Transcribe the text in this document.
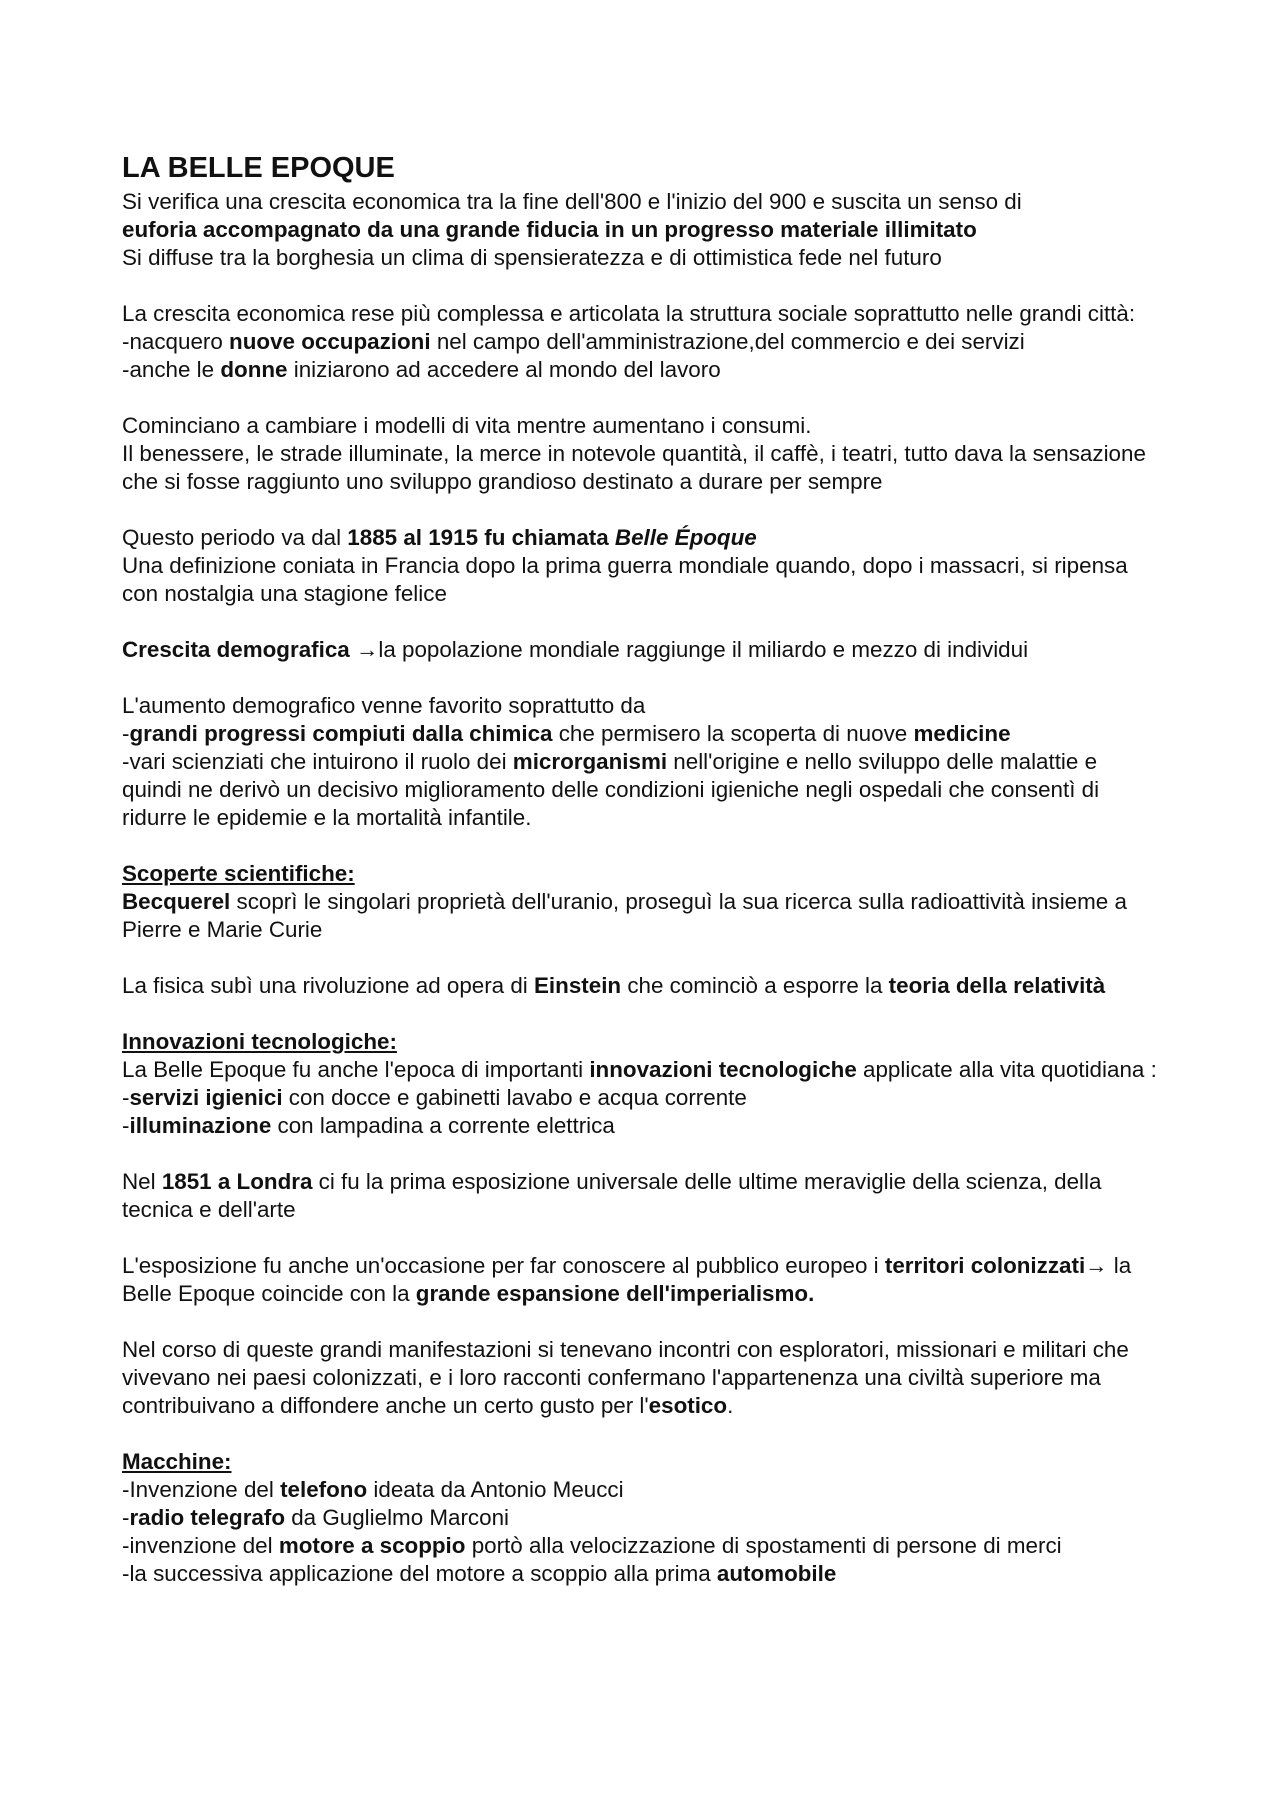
LA BELLE EPOQUE

Si verifica una crescita economica tra la fine dell'800 e l'inizio del 900 e suscita un senso di

euforia accompagnato da una grande fiducia in un progresso materiale illimitato

Si diffuse tra la borghesia un clima di spensieratezza e di ottimistica fede nel futuro

La crescita economica rese più complessa e articolata la struttura sociale soprattutto nelle grandi città:

-nacquero nuove occupazioni nel campo dell'amministrazione,del commercio e dei servizi

-anche le donne iniziarono ad accedere al mondo del lavoro

Cominciano a cambiare i modelli di vita mentre aumentano i consumi.

Il benessere, le strade illuminate, la merce in notevole quantità, il caffè, i teatri, tutto dava la sensazione che si fosse raggiunto uno sviluppo grandioso destinato a durare per sempre

Questo periodo va dal 1885 al 1915 fu chiamata Belle Époque

Una definizione coniata in Francia dopo la prima guerra mondiale quando, dopo i massacri, si ripensa con nostalgia una stagione felice

Crescita demografica →la popolazione mondiale raggiunge il miliardo e mezzo di individui

L'aumento demografico venne favorito soprattutto da

-grandi progressi compiuti dalla chimica che permisero la scoperta di nuove medicine

-vari scienziati che intuirono il ruolo dei microrganismi nell'origine e nello sviluppo delle malattie e quindi ne derivò un decisivo miglioramento delle condizioni igieniche negli ospedali che consentì di ridurre le epidemie e la mortalità infantile.

Scoperte scientifiche:

Becquerel scoprì le singolari proprietà dell'uranio, proseguì la sua ricerca sulla radioattività insieme a Pierre e Marie Curie

La fisica subì una rivoluzione ad opera di Einstein che cominciò a esporre la teoria della relatività

Innovazioni tecnologiche:

La Belle Epoque fu anche l'epoca di importanti innovazioni tecnologiche applicate alla vita quotidiana :

-servizi igienici con docce e gabinetti lavabo e acqua corrente

-illuminazione con lampadina a corrente elettrica

Nel 1851 a Londra ci fu la prima esposizione universale delle ultime meraviglie della scienza, della tecnica e dell'arte

L'esposizione fu anche un'occasione per far conoscere al pubblico europeo i territori colonizzati→ la Belle Epoque coincide con la grande espansione dell'imperialismo.

Nel corso di queste grandi manifestazioni si tenevano incontri con esploratori, missionari e militari che vivevano nei paesi colonizzati, e i loro racconti confermano l'appartenenza una civiltà superiore ma contribuivano a diffondere anche un certo gusto per l'esotico.

Macchine:

-Invenzione del telefono ideata da Antonio Meucci

-radio telegrafo da Guglielmo Marconi

-invenzione del motore a scoppio portò alla velocizzazione di spostamenti di persone di merci

-la successiva applicazione del motore a scoppio alla prima automobile
